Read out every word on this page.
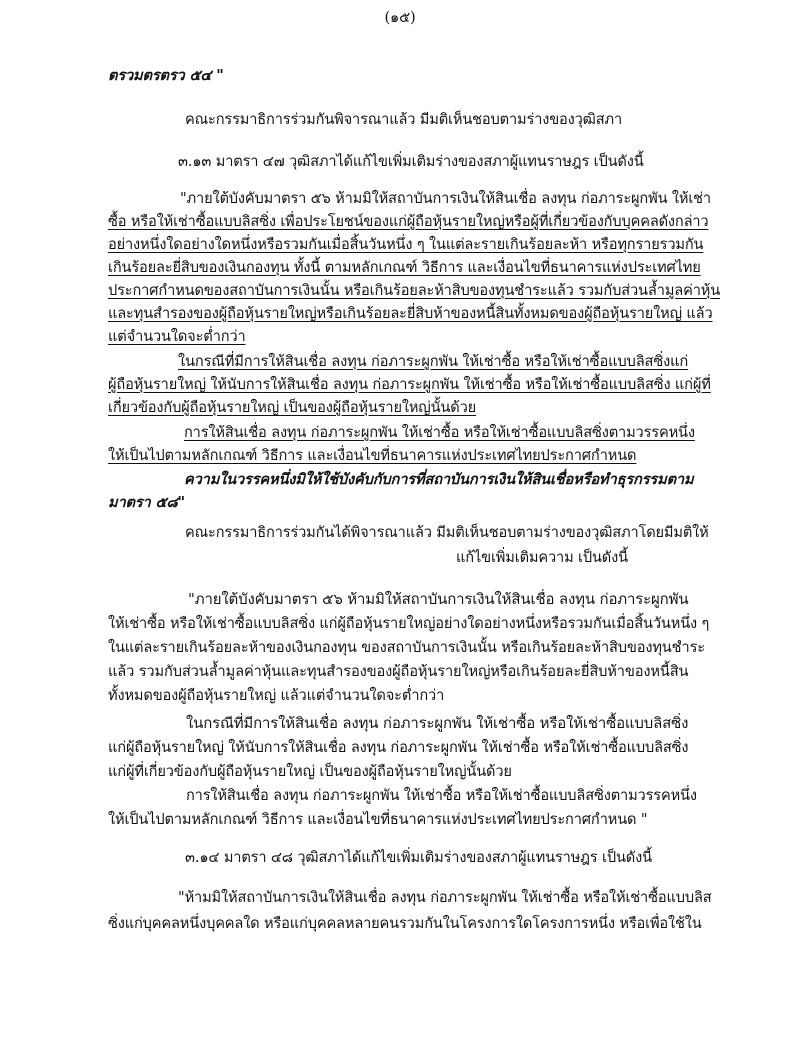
(๑๕)
ตรวมตรตรว ๕๔ "
คณะกรรมาธิการร่วมกันพิจารณาแล้ว มีมติเห็นชอบตามร่างของวุฒิสภา
๓.๑๓ มาตรา ๔๗ วุฒิสภาได้แก้ไขเพิ่มเติมร่างของสภาผู้แทนราษฎร เป็นดังนี้
"ภายใต้บังคับมาตรา ๕๖ ห้ามมิให้สถาบันการเงินให้สินเชื่อ ลงทุน ก่อภาระผูกพัน ให้เช่า
ซื้อ หรือให้เช่าซื้อแบบลิสซิ่ง เพื่อประโยชน์ของแก่ผู้ถือหุ้นรายใหญ่หรือผู้ที่เกี่ยวข้องกับบุคคลดังกล่าว
อย่างหนึ่งใดอย่างใดหนึ่งหรือรวมกันเมื่อสิ้นวันหนึ่ง ๆ ในแต่ละรายเกินร้อยละห้า หรือทุกรายรวมกัน
เกินร้อยละยี่สิบของเงินกองทุน ทั้งนี้ ตามหลักเกณฑ์ วิธีการ และเงื่อนไขที่ธนาคารแห่งประเทศไทย
ประกาศกำหนดของสถาบันการเงินนั้น หรือเกินร้อยละห้าสิบของทุนชำระแล้ว รวมกับส่วนล้ำมูลค่าหุ้น
และทุนสำรองของผู้ถือหุ้นรายใหญ่หรือเกินร้อยละยี่สิบห้าของหนี้สินทั้งหมดของผู้ถือหุ้นรายใหญ่ แล้ว
แต่จำนวนใดจะต่ำกว่า
ในกรณีที่มีการให้สินเชื่อ ลงทุน ก่อภาระผูกพัน ให้เช่าซื้อ หรือให้เช่าซื้อแบบลิสซิ่งแก่
ผู้ถือหุ้นรายใหญ่ ให้นับการให้สินเชื่อ ลงทุน ก่อภาระผูกพัน ให้เช่าซื้อ หรือให้เช่าซื้อแบบลิสซิ่ง แก่ผู้ที่
เกี่ยวข้องกับผู้ถือหุ้นรายใหญ่ เป็นของผู้ถือหุ้นรายใหญ่นั้นด้วย
การให้สินเชื่อ ลงทุน ก่อภาระผูกพัน ให้เช่าซื้อ หรือให้เช่าซื้อแบบลิสซิ่งตามวรรคหนึ่ง
ให้เป็นไปตามหลักเกณฑ์ วิธีการ และเงื่อนไขที่ธนาคารแห่งประเทศไทยประกาศกำหนด
ความในวรรคหนึ่งมิให้ใช้บังคับกับการที่สถาบันการเงินให้สินเชื่อหรือทำธุรกรรมตาม
มาตรา ๕๘"
คณะกรรมาธิการร่วมกันได้พิจารณาแล้ว มีมติเห็นชอบตามร่างของวุฒิสภาโดยมีมติให้
แก้ไขเพิ่มเติมความ เป็นดังนี้
"ภายใต้บังคับมาตรา ๕๖ ห้ามมิให้สถาบันการเงินให้สินเชื่อ ลงทุน ก่อภาระผูกพัน
ให้เช่าซื้อ หรือให้เช่าซื้อแบบลิสซิ่ง แก่ผู้ถือหุ้นรายใหญ่อย่างใดอย่างหนึ่งหรือรวมกันเมื่อสิ้นวันหนึ่ง ๆ
ในแต่ละรายเกินร้อยละห้าของเงินกองทุน ของสถาบันการเงินนั้น หรือเกินร้อยละห้าสิบของทุนชำระ
แล้ว รวมกับส่วนล้ำมูลค่าหุ้นและทุนสำรองของผู้ถือหุ้นรายใหญ่หรือเกินร้อยละยี่สิบห้าของหนี้สิน
ทั้งหมดของผู้ถือหุ้นรายใหญ่ แล้วแต่จำนวนใดจะต่ำกว่า
ในกรณีที่มีการให้สินเชื่อ ลงทุน ก่อภาระผูกพัน ให้เช่าซื้อ หรือให้เช่าซื้อแบบลิสซิ่ง
แก่ผู้ถือหุ้นรายใหญ่ ให้นับการให้สินเชื่อ ลงทุน ก่อภาระผูกพัน ให้เช่าซื้อ หรือให้เช่าซื้อแบบลิสซิ่ง
แก่ผู้ที่เกี่ยวข้องกับผู้ถือหุ้นรายใหญ่ เป็นของผู้ถือหุ้นรายใหญ่นั้นด้วย
การให้สินเชื่อ ลงทุน ก่อภาระผูกพัน ให้เช่าซื้อ หรือให้เช่าซื้อแบบลิสซิ่งตามวรรคหนึ่ง
ให้เป็นไปตามหลักเกณฑ์ วิธีการ และเงื่อนไขที่ธนาคารแห่งประเทศไทยประกาศกำหนด "
๓.๑๔ มาตรา ๔๘ วุฒิสภาได้แก้ไขเพิ่มเติมร่างของสภาผู้แทนราษฎร เป็นดังนี้
"ห้ามมิให้สถาบันการเงินให้สินเชื่อ ลงทุน ก่อภาระผูกพัน ให้เช่าซื้อ หรือให้เช่าซื้อแบบลิส
ซิ่งแก่บุคคลหนึ่งบุคคลใด หรือแก่บุคคลหลายคนรวมกันในโครงการใดโครงการหนึ่ง หรือเพื่อใช้ใน
